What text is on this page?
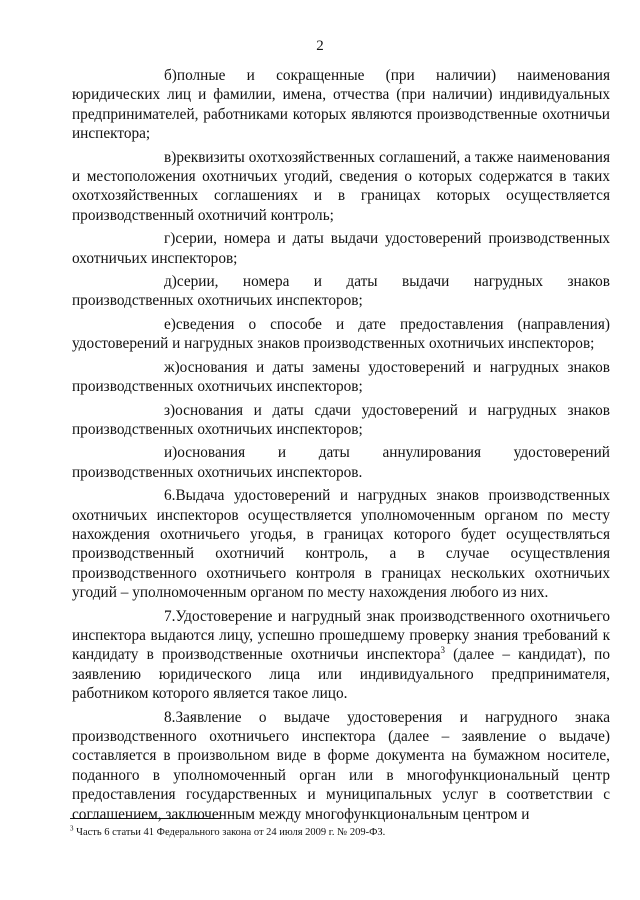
2

б)полные и сокращенные (при наличии) наименования юридических лиц и фамилии, имена, отчества (при наличии) индивидуальных предпринимателей, работниками которых являются производственные охотничьи инспектора;

в)реквизиты охотхозяйственных соглашений, а также наименования и местоположения охотничьих угодий, сведения о которых содержатся в таких охотхозяйственных соглашениях и в границах которых осуществляется производственный охотничий контроль;

г)серии, номера и даты выдачи удостоверений производственных охотничьих инспекторов;

д)серии, номера и даты выдачи нагрудных знаков производственных охотничьих инспекторов;

е)сведения о способе и дате предоставления (направления) удостоверений и нагрудных знаков производственных охотничьих инспекторов;

ж)основания и даты замены удостоверений и нагрудных знаков производственных охотничьих инспекторов;

з)основания и даты сдачи удостоверений и нагрудных знаков производственных охотничьих инспекторов;

и)основания и даты аннулирования удостоверений производственных охотничьих инспекторов.

6.Выдача удостоверений и нагрудных знаков производственных охотничьих инспекторов осуществляется уполномоченным органом по месту нахождения охотничьего угодья, в границах которого будет осуществляться производственный охотничий контроль, а в случае осуществления производственного охотничьего контроля в границах нескольких охотничьих угодий – уполномоченным органом по месту нахождения любого из них.

7.Удостоверение и нагрудный знак производственного охотничьего инспектора выдаются лицу, успешно прошедшему проверку знания требований к кандидату в производственные охотничьи инспектора$^3$ (далее – кандидат), по заявлению юридического лица или индивидуального предпринимателя, работником которого является такое лицо.

8.Заявление о выдаче удостоверения и нагрудного знака производственного охотничьего инспектора (далее – заявление о выдаче) составляется в произвольном виде в форме документа на бумажном носителе, поданного в уполномоченный орган или в многофункциональный центр предоставления государственных и муниципальных услуг в соответствии с соглашением, заключенным между многофункциональным центром и

$^3$ Часть 6 статьи 41 Федерального закона от 24 июля 2009 г. № 209-ФЗ.
